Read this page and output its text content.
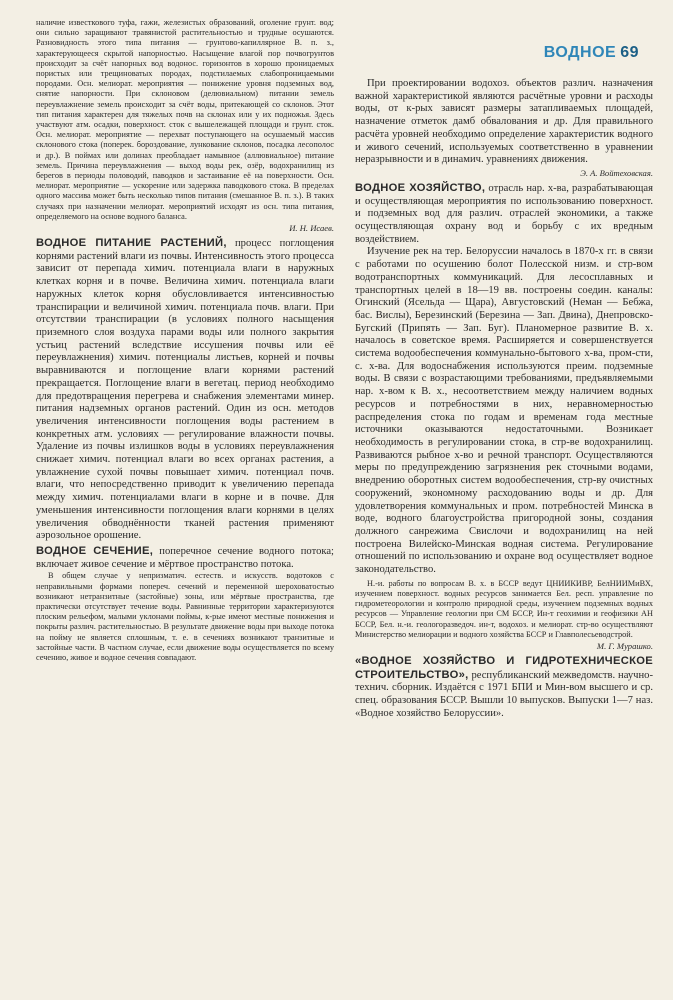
ВОДНОЕ 69

наличие известкового туфа, гажи, железистых образований, оголение грунт. вод; они сильно заращивают травянистой растительностью и трудные осушаются. Разновидность этого типа питания — грунтово-капиллярное В. п. з., характерующееся скрытой напорностью. Насыщение влагой пор почвогрунтов происходит за счёт напорных вод водонос. горизонтов в хорошо проницаемых пористых или трещиноватых породах, подстилаемых слабопроницаемыми породами. Осн. мелиорат. мероприятия — понижение уровня подземных вод, снятие напорности. При склоновом (делювиальном) питании земель переувлажнение земель происходит за счёт воды, притекающей со склонов. Этот тип питания характерен для тяжелых почв на склонах или у их подножья. Здесь участвуют атм. осадки, поверхност. сток с вышележащей площади и грунт. сток. Осн. мелиорат. мероприятие — перехват поступающего на осушаемый массив склонового стока (поперек. бороздование, лункование склонов, посадка лесополос и др.). В поймах или долинах преобладает намывное (аллювиальное) питание земель. Причина переувлажнения — выход воды рек, озёр, водохранилищ из берегов в периоды половодий, паводков и застаивание её на поверхности. Осн. мелиорат. мероприятие — ускорение или задержка паводкового стока. В пределах одного массива может быть несколько типов питания (смешанное В. п. з.). В таких случаях при назначении мелиорат. мероприятий исходят из осн. типа питания, определяемого на основе водного баланса.

И. Н. Исаев.

ВОДНОЕ ПИТАНИЕ РАСТЕНИЙ, процесс поглощения корнями растений влаги из почвы. Интенсивность этого процесса зависит от перепада химич. потенциала влаги в наружных клетках корня и в почве. Величина химич. потенциала влаги наружных клеток корня обусловливается интенсивностью транспирации и величиной химич. потенциала почв. влаги. При отсутствии транспирации (в условиях полного насыщения приземного слоя воздуха парами воды или полного закрытия устьиц растений вследствие иссушения почвы или её переувлажнения) химич. потенциалы листьев, корней и почвы выравниваются и поглощение влаги корнями растений прекращается. Поглощение влаги в вегетац. период необходимо для предотвращения перегрева и снабжения элементами минер. питания надземных органов растений. Один из осн. методов увеличения интенсивности поглощения воды растением в конкретных атм. условиях — регулирование влажности почвы. Удаление из почвы излишков воды в условиях переувлажнения снижает химич. потенциал влаги во всех органах растения, а увлажнение сухой почвы повышает химич. потенциал почв. влаги, что непосредственно приводит к увеличению перепада между химич. потенциалами влаги в корне и в почве. Для уменьшения интенсивности поглощения влаги корнями в целях увеличения обводнённости тканей растения применяют аэрозольное орошение.

ВОДНОЕ СЕЧЕНИЕ, поперечное сечение водного потока; включает живое сечение и мёртвое пространство потока.

В общем случае у непризматич. естеств. и искусств. водотоков с неправильными формами попереч. сечений и переменной шероховатостью возникают нетранзитные (застойные) зоны, или мёртвые пространства, где практически отсутствует течение воды. Равнинные территории характеризуются плоским рельефом, малыми уклонами поймы, к-рые имеют местные понижения и покрыты различ. растительностью. В результате движение воды при выходе потока на пойму не является сплошным, т. е. в сечениях возникают транзитные и застойные части. В частном случае, если движение воды осуществляется по всему сечению, живое и водное сечения совпадают.

При проектировании водохоз. объектов различ. назначения важной характеристикой являются расчётные уровни и расходы воды, от к-рых зависят размеры затапливаемых площадей, назначение отметок дамб обвалования и др. Для правильного расчёта уровней необходимо определение характеристик водного и живого сечений, используемых соответственно в уравнении неразрывности и в динамич. уравнениях движения.

Э. А. Войтеховская.

ВОДНОЕ ХОЗЯЙСТВО, отрасль нар. х-ва, разрабатывающая и осуществляющая мероприятия по использованию поверхност. и подземных вод для различ. отраслей экономики, а также осуществляющая охрану вод и борьбу с их вредным воздействием.

Изучение рек на тер. Белоруссии началось в 1870-х гг. в связи с работами по осушению болот Полесской низм. и стр-вом водотранспортных коммуникаций. Для лесосплавных и транспортных целей в 18—19 вв. построены соедин. каналы: Огинский (Ясельда — Щара), Августовский (Неман — Бебжа, бас. Вислы), Березинский (Березина — Зап. Двина), Днепровско-Бугский (Припять — Зап. Буг). Планомерное развитие В. х. началось в советское время. Расширяется и совершенствуется система водообеспечения коммунально-бытового х-ва, пром-сти, с. х-ва. Для водоснабжения используются преим. подземные воды. В связи с возрастающими требованиями, предъявляемыми нар. х-вом к В. х., несоответствием между наличием водных ресурсов и потребностями в них, неравномерностью распределения стока по годам и временам года местные источники оказываются недостаточными. Возникает необходимость в регулировании стока, в стр-ве водохранилищ. Развиваются рыбное х-во и речной транспорт. Осуществляются меры по предупреждению загрязнения рек сточными водами, внедрению оборотных систем водообеспечения, стр-ву очистных сооружений, экономному расходованию воды и др. Для удовлетворения коммунальных и пром. потребностей Минска в воде, водного благоустройства пригородной зоны, создания должного санрежима Свислочи и водохранилищ на ней построена Вилейско-Минская водная система. Регулирование отношений по использованию и охране вод осуществляет водное законодательство.

Н.-и. работы по вопросам В. х. в БССР ведут ЦНИИКИВР, БелНИИМиВХ, изучением поверхност. водных ресурсов занимается Бел. респ. управление по гидрометеорологии и контролю природной среды, изучением подземных водных ресурсов — Управление геологии при СМ БССР, Ин-т геохимии и геофизики АН БССР, Бел. н.-и. геологоразведоч. ин-т, водохоз. и мелиорат. стр-во осуществляют Министерство мелиорации и водного хозяйства БССР и Главполесьеводстрой.

М. Г. Мурашко.

«ВОДНОЕ ХОЗЯЙСТВО И ГИДРОТЕХНИЧЕСКОЕ СТРОИТЕЛЬСТВО», республиканский межведомств. научно-технич. сборник. Издаётся с 1971 БПИ и Мин-вом высшего и ср. спец. образования БССР. Вышли 10 выпусков. Выпуски 1—7 наз. «Водное хозяйство Белоруссии».
